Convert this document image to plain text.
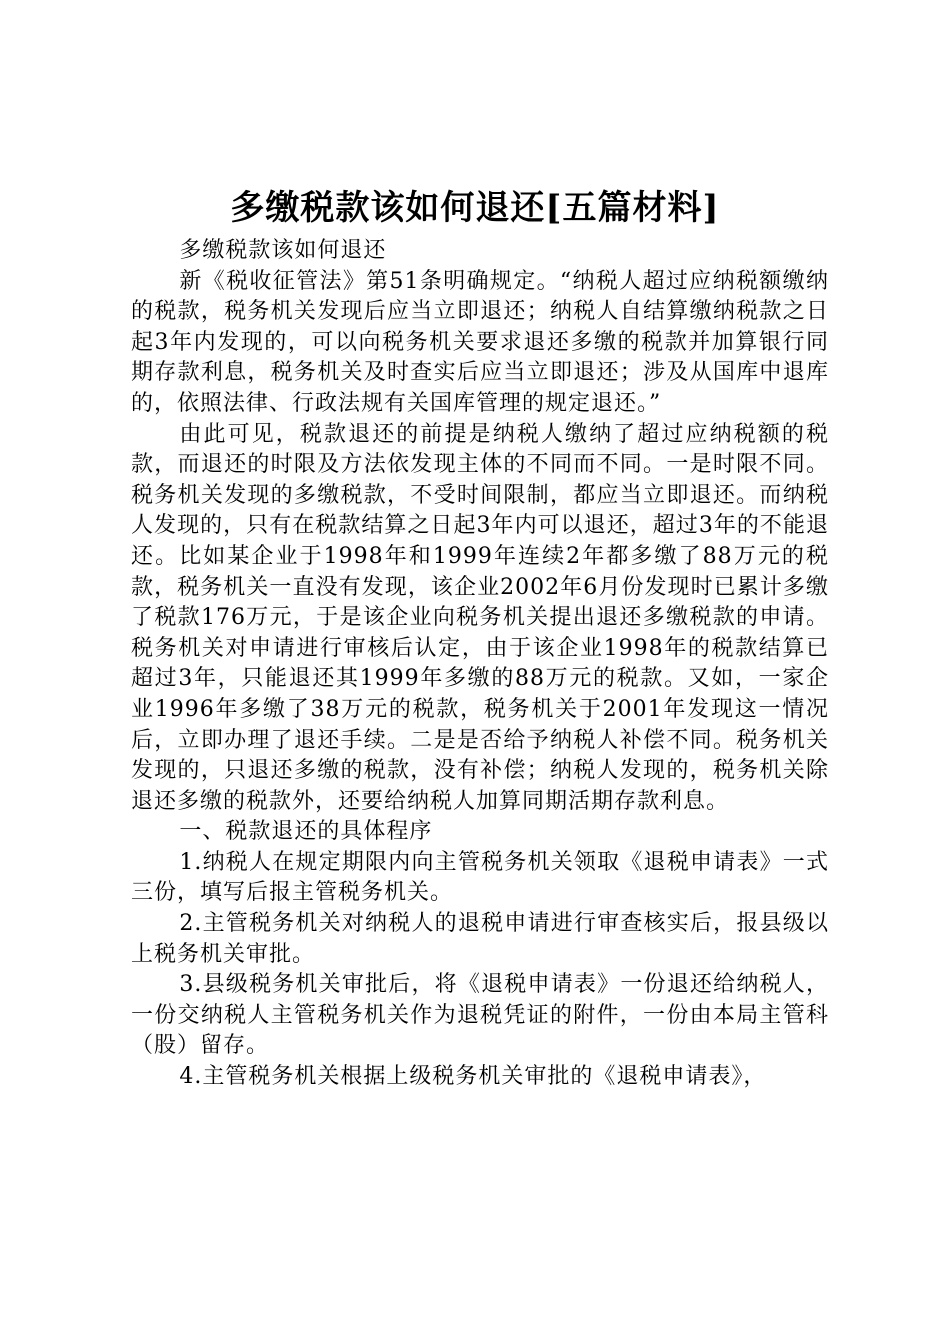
多缴税款该如何退还[五篇材料]

多缴税款该如何退还

新《税收征管法》第51条明确规定。“纳税人超过应纳税额缴纳的税款，税务机关发现后应当立即退还；纳税人自结算缴纳税款之日起3年内发现的，可以向税务机关要求退还多缴的税款并加算银行同期存款利息，税务机关及时查实后应当立即退还；涉及从国库中退库的，依照法律、行政法规有关国库管理的规定退还。”

由此可见，税款退还的前提是纳税人缴纳了超过应纳税额的税款，而退还的时限及方法依发现主体的不同而不同。一是时限不同。税务机关发现的多缴税款，不受时间限制，都应当立即退还。而纳税人发现的，只有在税款结算之日起3年内可以退还，超过3年的不能退还。比如某企业于1998年和1999年连续2年都多缴了88万元的税款，税务机关一直没有发现，该企业2002年6月份发现时已累计多缴了税款176万元，于是该企业向税务机关提出退还多缴税款的申请。税务机关对申请进行审核后认定，由于该企业1998年的税款结算已超过3年，只能退还其1999年多缴的88万元的税款。又如，一家企业1996年多缴了38万元的税款，税务机关于2001年发现这一情况后，立即办理了退还手续。二是是否给予纳税人补偿不同。税务机关发现的，只退还多缴的税款，没有补偿；纳税人发现的，税务机关除退还多缴的税款外，还要给纳税人加算同期活期存款利息。

一、税款退还的具体程序

1.纳税人在规定期限内向主管税务机关领取《退税申请表》一式三份，填写后报主管税务机关。

2.主管税务机关对纳税人的退税申请进行审查核实后，报县级以上税务机关审批。

3.县级税务机关审批后，将《退税申请表》一份退还给纳税人，一份交纳税人主管税务机关作为退税凭证的附件，一份由本局主管科（股）留存。

4.主管税务机关根据上级税务机关审批的《退税申请表》，
